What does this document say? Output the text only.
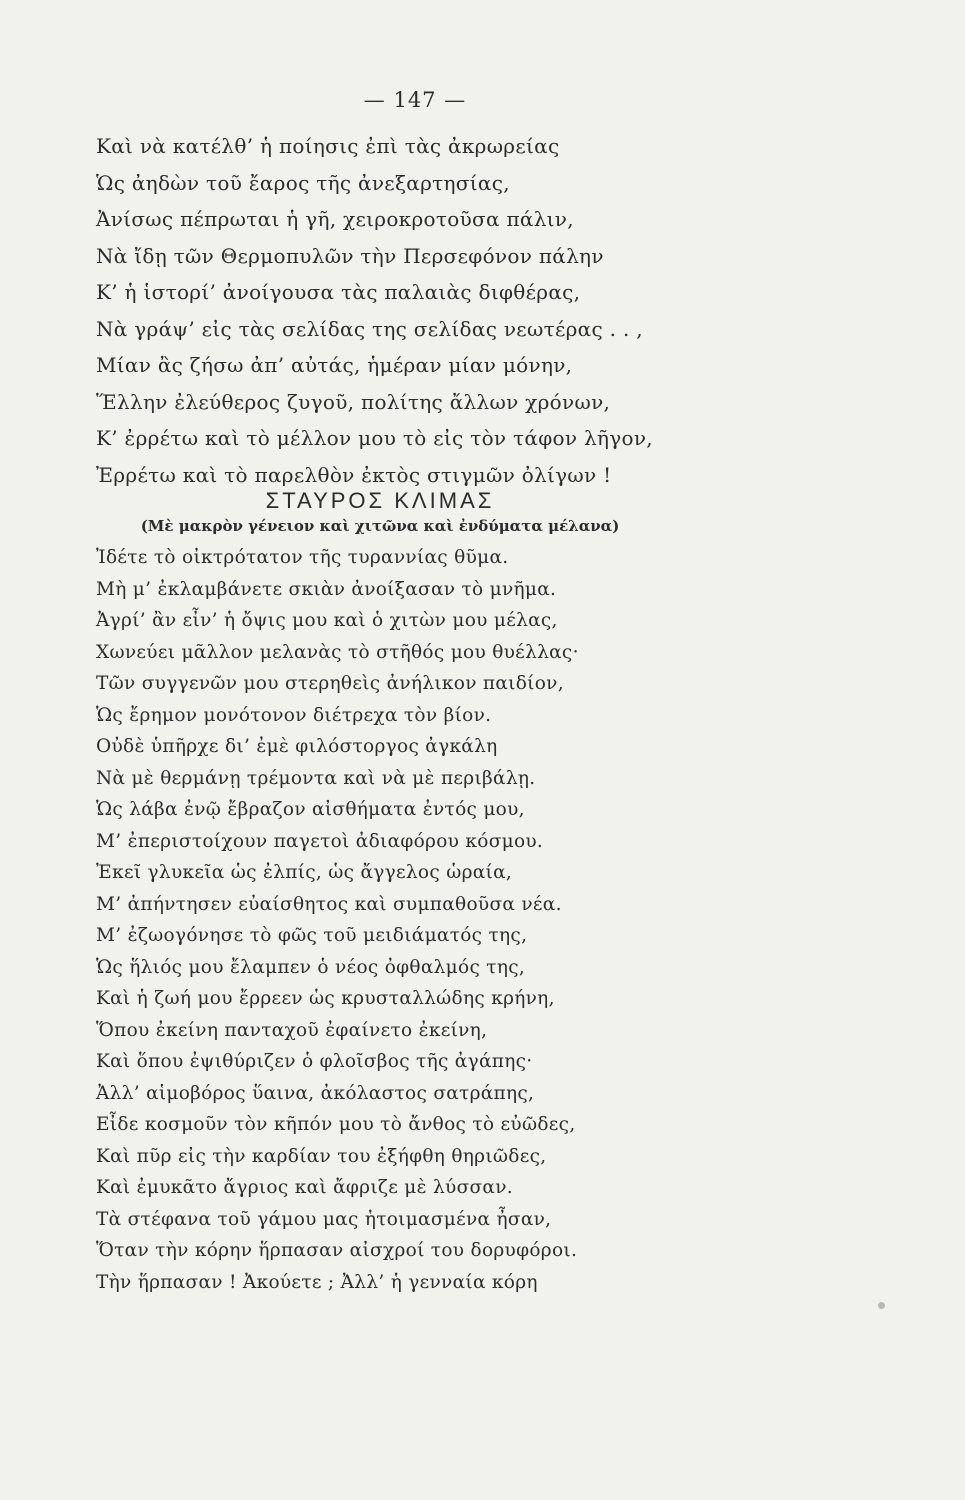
— 147 —
Καὶ νὰ κατέλθ’ ἡ ποίησις ἐπὶ τὰς ἀκρωρείας
Ὡς ἀηδὼν τοῦ ἔαρος τῆς ἀνεξαρτησίας,
Ἀνίσως πέπρωται ἡ γῆ, χειροκροτοῦσα πάλιν,
Νὰ ἴδῃ τῶν Θερμοπυλῶν τὴν Περσεφόνον πάλην
Κ’ ἡ ἱστορί’ ἀνοίγουσα τὰς παλαιὰς διφθέρας,
Νὰ γράψ’ εἰς τὰς σελίδας της σελίδας νεωτέρας . . ,
Μίαν ἂς ζήσω ἀπ’ αὐτάς, ἡμέραν μίαν μόνην,
Ἕλλην ἐλεύθερος ζυγοῦ, πολίτης ἄλλων χρόνων,
Κ’ ἐρρέτω καὶ τὸ μέλλον μου τὸ εἰς τὸν τάφον λῆγον,
Ἐρρέτω καὶ τὸ παρελθὸν ἐκτὸς στιγμῶν ὀλίγων !
ΣΤΑΥΡΟΣ ΚΛΙΜΑΣ
(Μὲ μακρὸν γένειον καὶ χιτῶνα καὶ ἐνδύματα μέλανα)
Ἰδέτε τὸ οἰκτρότατον τῆς τυραννίας θῦμα.
Μὴ μ’ ἐκλαμβάνετε σκιὰν ἀνοίξασαν τὸ μνῆμα.
Ἀγρί’ ἂν εἶν’ ἡ ὄψις μου καὶ ὁ χιτὼν μου μέλας,
Χωνεύει μᾶλλον μελανὰς τὸ στῆθός μου θυέλλας·
Τῶν συγγενῶν μου στερηθεὶς ἀνήλικον παιδίον,
Ὡς ἔρημον μονότονον διέτρεχα τὸν βίον.
Οὐδὲ ὑπῆρχε δι’ ἐμὲ φιλόστοργος ἀγκάλη
Νὰ μὲ θερμάνῃ τρέμοντα καὶ νὰ μὲ περιβάλῃ.
Ὡς λάβα ἐνῷ ἔβραζον αἰσθήματα ἐντός μου,
Μ’ ἐπεριστοίχουν παγετοὶ ἀδιαφόρου κόσμου.
Ἐκεῖ γλυκεῖα ὡς ἐλπίς, ὡς ἄγγελος ὡραία,
Μ’ ἀπήντησεν εὐαίσθητος καὶ συμπαθοῦσα νέα.
Μ’ ἐζωογόνησε τὸ φῶς τοῦ μειδιάματός της,
Ὡς ἥλιός μου ἔλαμπεν ὁ νέος ὀφθαλμός της,
Καὶ ἡ ζωή μου ἔρρεεν ὡς κρυσταλλώδης κρήνη,
Ὅπου ἐκείνη πανταχοῦ ἐφαίνετο ἐκείνη,
Καὶ ὅπου ἐψιθύριζεν ὁ φλοῖσβος τῆς ἀγάπης·
Ἀλλ’ αἱμοβόρος ὕαινα, ἀκόλαστος σατράπης,
Εἶδε κοσμοῦν τὸν κῆπόν μου τὸ ἄνθος τὸ εὐῶδες,
Καὶ πῦρ εἰς τὴν καρδίαν του ἐξήφθη θηριῶδες,
Καὶ ἐμυκᾶτο ἄγριος καὶ ἄφριζε μὲ λύσσαν.
Τὰ στέφανα τοῦ γάμου μας ἡτοιμασμένα ἦσαν,
Ὅταν τὴν κόρην ἥρπασαν αἰσχροί του δορυφόροι.
Τὴν ἥρπασαν ! Ἀκούετε ; Ἀλλ’ ἡ γενναία κόρη
